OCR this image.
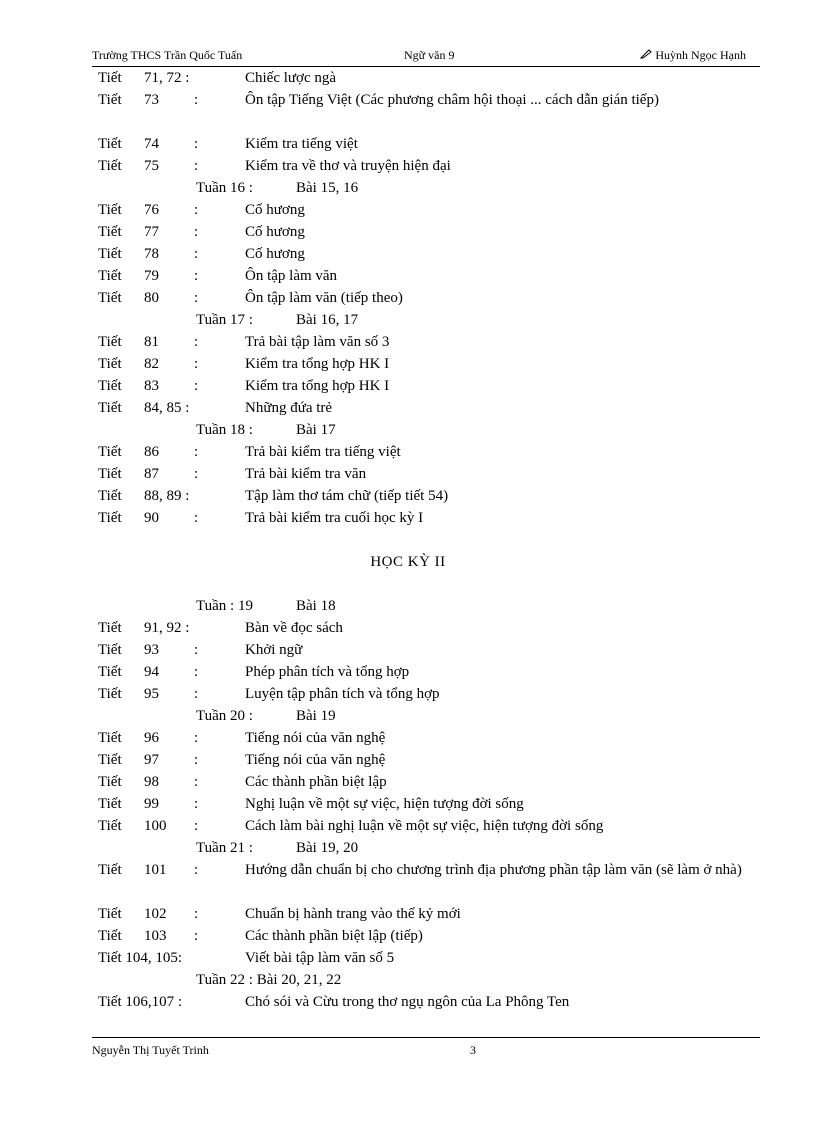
Trường THCS Trần Quốc Tuấn	Ngữ văn 9	Huỳnh Ngọc Hạnh
Tiết 71, 72 :	Chiếc lược ngà
Tiết 73 :	Ôn tập Tiếng Việt (Các phương châm hội thoại ... cách dẫn gián tiếp)
Tiết 74 :	Kiểm tra tiếng việt
Tiết 75 :	Kiểm tra về thơ và truyện hiện đại
Tuần 16 :	Bài 15, 16
Tiết 76 :	Cố hương
Tiết 77 :	Cố hương
Tiết 78 :	Cố hương
Tiết 79 :	Ôn tập làm văn
Tiết 80 :	Ôn tập làm văn (tiếp theo)
Tuần 17 :	Bài 16, 17
Tiết 81 :	Trả bài tập làm văn số 3
Tiết 82 :	Kiểm tra tổng hợp HK I
Tiết 83 :	Kiểm tra tổng hợp HK I
Tiết 84, 85 :	Những đứa trẻ
Tuần 18 :	Bài 17
Tiết 86 :	Trả bài kiểm tra tiếng việt
Tiết 87 :	Trả bài kiểm tra văn
Tiết 88, 89 :	Tập làm thơ tám chữ (tiếp tiết 54)
Tiết 90 :	Trả bài kiểm tra cuối học kỳ I
HỌC KỲ II
Tuần : 19	Bài 18
Tiết 91, 92 :	Bàn về đọc sách
Tiết 93 :	Khởi ngữ
Tiết 94 :	Phép phân tích và tổng hợp
Tiết 95 :	Luyện tập phân tích và tổng hợp
Tuần 20 :	Bài 19
Tiết 96 :	Tiếng nói của văn nghệ
Tiết 97 :	Tiếng nói của văn nghệ
Tiết 98 :	Các thành phần biệt lập
Tiết 99 :	Nghị luận về một sự việc, hiện tượng đời sống
Tiết 100 :	Cách làm bài nghị luận về một sự việc, hiện tượng đời sống
Tuần 21 :	Bài 19, 20
Tiết 101 :	Hướng dẫn chuẩn bị cho chương trình địa phương phần tập làm văn (sẽ làm ở nhà)
Tiết 102 :	Chuẩn bị hành trang vào thế kỷ mới
Tiết 103 :	Các thành phần biệt lập (tiếp)
Tiết 104, 105:	Viết bài tập làm văn số 5
Tuần 22 : Bài 20, 21, 22
Tiết 106,107 :	Chó sói và Cừu trong thơ ngụ ngôn của La Phông Ten
Nguyễn Thị Tuyết Trinh	3
